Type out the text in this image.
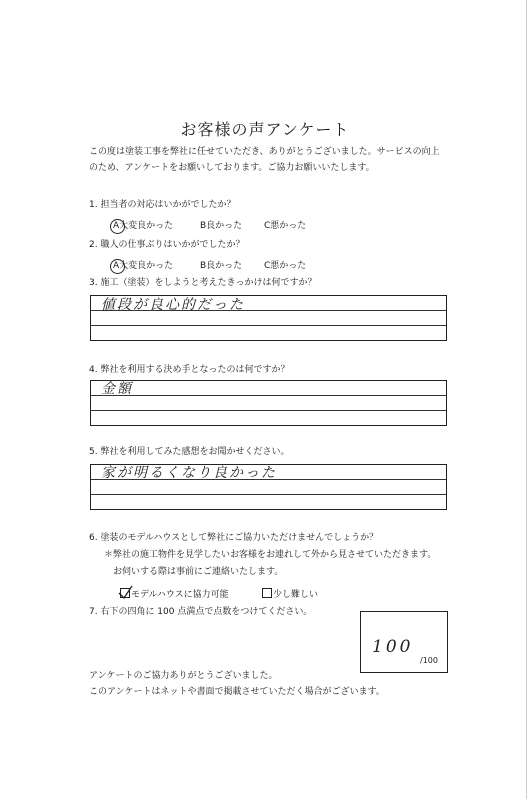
お客様の声アンケート
この度は塗装工事を弊社に任せていただき、ありがとうございました。サービスの向上
のため、アンケートをお願いしております。ご協力お願いいたします。
1. 担当者の対応はいかがでしたか？
A大変良かった	B良かった C悪かった
2. 職人の仕事ぶりはいかがでしたか？
A大変良かった	B良かった C悪かった
3. 施工（塗装）をしようと考えたきっかけは何ですか？
値段が良心的だった
4. 弊社を利用する決め手となったのは何ですか？
金額
5. 弊社を利用してみた感想をお聞かせください。
家が明るくなり良かった
6. 塗装のモデルハウスとして弊社にご協力いただけませんでしょうか？
＊弊社の施工物件を見学したいお客様をお連れして外から見させていただきます。
お伺いする際は事前にご連絡いたします。
モデルハウスに協力可能	少し難しい
7. 右下の四角に 100 点満点で点数をつけてください。
100
/100
アンケートのご協力ありがとうございました。
このアンケートはネットや書面で掲載させていただく場合がございます。
